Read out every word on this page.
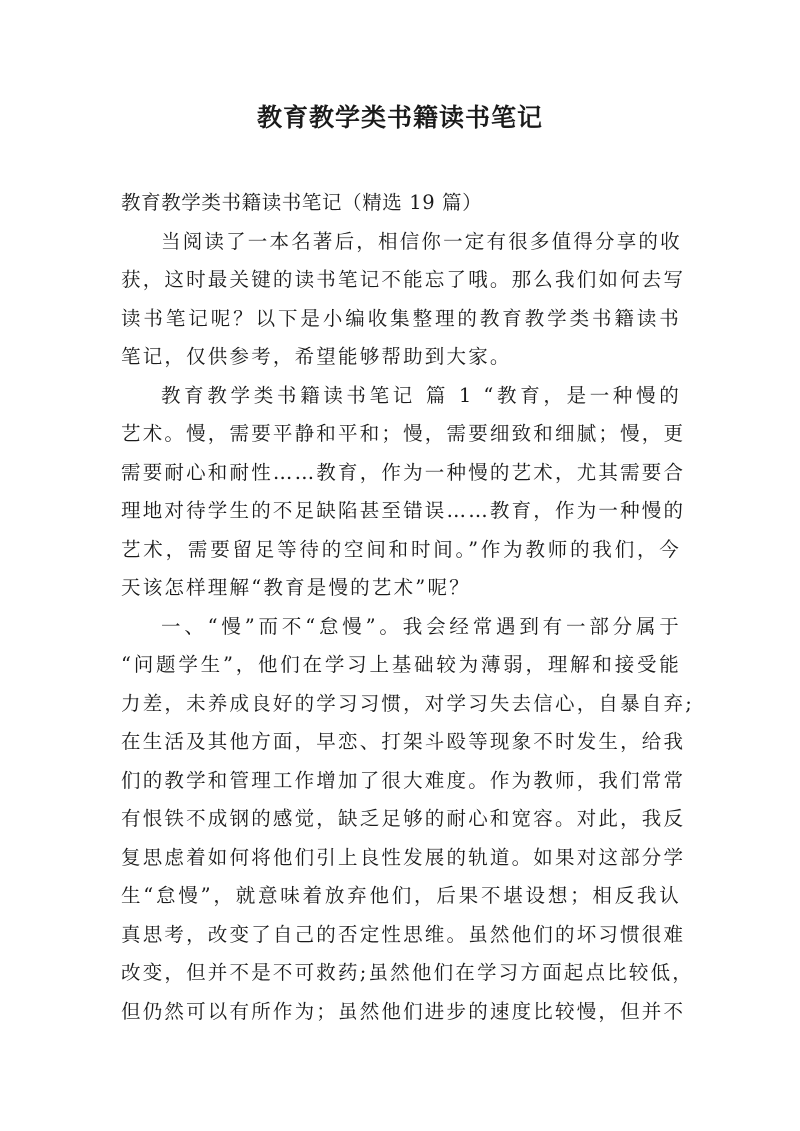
教育教学类书籍读书笔记
教育教学类书籍读书笔记（精选 19 篇）
当阅读了一本名著后，相信你一定有很多值得分享的收
获，这时最关键的读书笔记不能忘了哦。那么我们如何去写
读书笔记呢？以下是小编收集整理的教育教学类书籍读书
笔记，仅供参考，希望能够帮助到大家。
教育教学类书籍读书笔记 篇 1 “教育，是一种慢的
艺术。慢，需要平静和平和；慢，需要细致和细腻；慢，更
需要耐心和耐性……教育，作为一种慢的艺术，尤其需要合
理地对待学生的不足缺陷甚至错误……教育，作为一种慢的
艺术，需要留足等待的空间和时间。”作为教师的我们，今
天该怎样理解“教育是慢的艺术”呢？
一、“慢”而不“怠慢”。我会经常遇到有一部分属于
“问题学生”，他们在学习上基础较为薄弱，理解和接受能
力差，未养成良好的学习习惯，对学习失去信心，自暴自弃;
在生活及其他方面，早恋、打架斗殴等现象不时发生，给我
们的教学和管理工作增加了很大难度。作为教师，我们常常
有恨铁不成钢的感觉，缺乏足够的耐心和宽容。对此，我反
复思虑着如何将他们引上良性发展的轨道。如果对这部分学
生“怠慢”，就意味着放弃他们，后果不堪设想；相反我认
真思考，改变了自己的否定性思维。虽然他们的坏习惯很难
改变，但并不是不可救药;虽然他们在学习方面起点比较低，
但仍然可以有所作为；虽然他们进步的速度比较慢，但并不
